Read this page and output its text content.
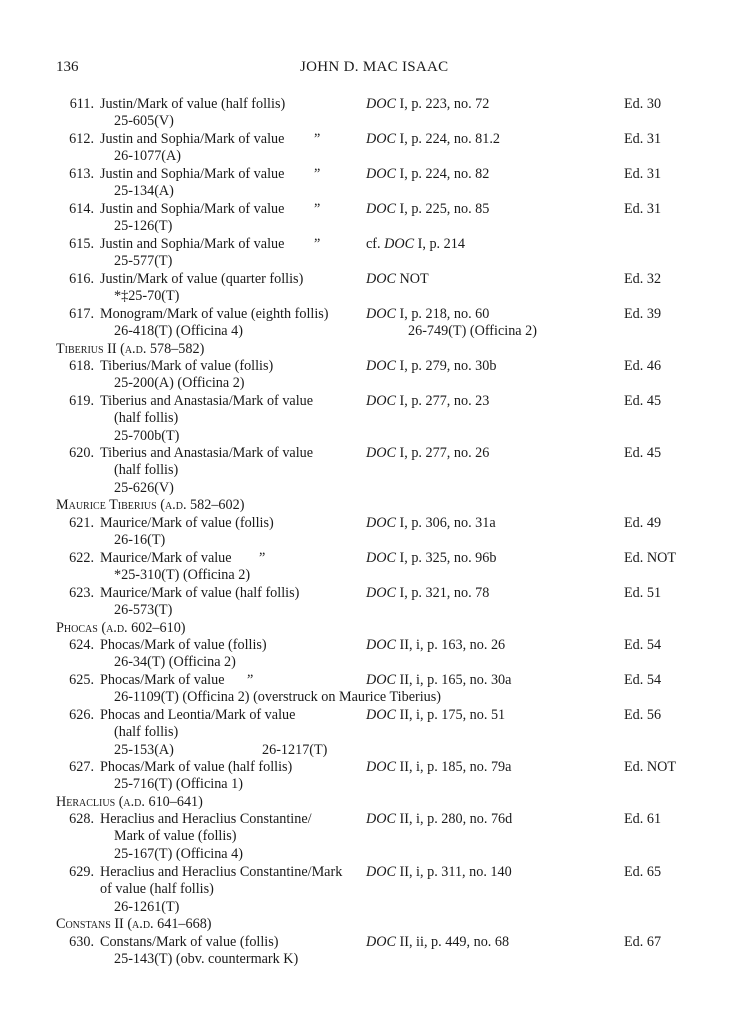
136	JOHN D. MAC ISAAC
Tiberius II (a.d. 578–582)
Maurice Tiberius (a.d. 582–602)
Phocas (a.d. 602–610)
Heraclius (a.d. 610–641)
Constans II (a.d. 641–668)
611. Justin/Mark of value (half follis)	DOC I, p. 223, no. 72	Ed. 30
25-605(V)
612. Justin and Sophia/Mark of value ”	DOC I, p. 224, no. 81.2	Ed. 31
26-1077(A)
613. Justin and Sophia/Mark of value ”	DOC I, p. 224, no. 82	Ed. 31
25-134(A)
614. Justin and Sophia/Mark of value ”	DOC I, p. 225, no. 85	Ed. 31
25-126(T)
615. Justin and Sophia/Mark of value ”	cf. DOC I, p. 214
25-577(T)
616. Justin/Mark of value (quarter follis)	DOC NOT	Ed. 32
*‡25-70(T)
617. Monogram/Mark of value (eighth follis)	DOC I, p. 218, no. 60	Ed. 39
26-418(T) (Officina 4)	26-749(T) (Officina 2)
618. Tiberius/Mark of value (follis)	DOC I, p. 279, no. 30b	Ed. 46
25-200(A) (Officina 2)
619. Tiberius and Anastasia/Mark of value	DOC I, p. 277, no. 23	Ed. 45
(half follis)
25-700b(T)
620. Tiberius and Anastasia/Mark of value	DOC I, p. 277, no. 26	Ed. 45
(half follis)
25-626(V)
621. Maurice/Mark of value (follis)	DOC I, p. 306, no. 31a	Ed. 49
26-16(T)
622. Maurice/Mark of value ”	DOC I, p. 325, no. 96b	Ed. NOT
*25-310(T) (Officina 2)
623. Maurice/Mark of value (half follis)	DOC I, p. 321, no. 78	Ed. 51
26-573(T)
624. Phocas/Mark of value (follis)	DOC II, i, p. 163, no. 26	Ed. 54
26-34(T) (Officina 2)
625. Phocas/Mark of value ”	DOC II, i, p. 165, no. 30a	Ed. 54
26-1109(T) (Officina 2) (overstruck on Maurice Tiberius)
626. Phocas and Leontia/Mark of value	DOC II, i, p. 175, no. 51	Ed. 56
(half follis)
25-153(A)	26-1217(T)
627. Phocas/Mark of value (half follis)	DOC II, i, p. 185, no. 79a	Ed. NOT
25-716(T) (Officina 1)
628. Heraclius and Heraclius Constantine/	DOC II, i, p. 280, no. 76d	Ed. 61
Mark of value (follis)
25-167(T) (Officina 4)
629. Heraclius and Heraclius Constantine/Mark DOC II, i, p. 311, no. 140	Ed. 65
of value (half follis)
26-1261(T)
630. Constans/Mark of value (follis)	DOC II, ii, p. 449, no. 68	Ed. 67
25-143(T) (obv. countermark K)
